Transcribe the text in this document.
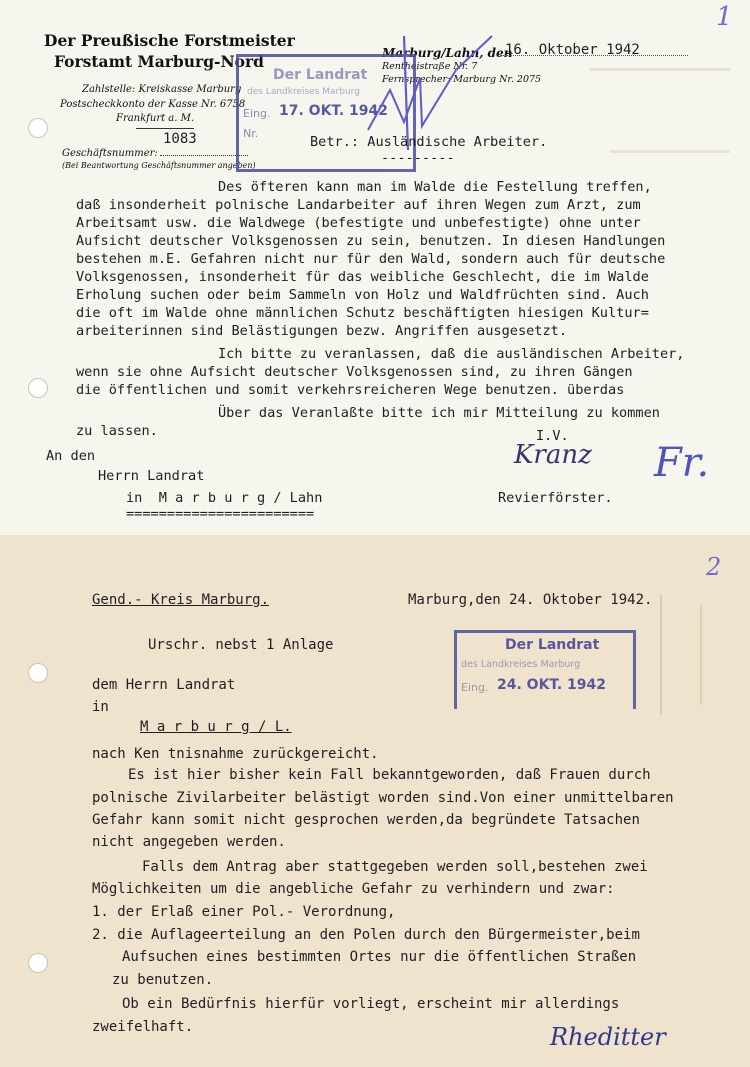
1
Der Preußische Forstmeister
Forstamt Marburg-Nord
Zahlstelle: Kreiskasse Marburg
Postscheckkonto der Kasse Nr. 6758
Frankfurt a. M.
1083
Geschäftsnummer:
(Bei Beantwortung Geschäftsnummer angeben)
Marburg/Lahn, den
16. Oktober 1942
Rentheistraße Nr. 7
Fernsprecher: Marburg Nr. 2075
Der Landrat
des Landkreises Marburg
Eing. 17. OKT. 1942
Nr.
Betr.: Ausländische Arbeiter.
---------
Des öfteren kann man im Walde die Festellung treffen,
daß insonderheit polnische Landarbeiter auf ihren Wegen zum Arzt, zum
Arbeitsamt usw. die Waldwege (befestigte und unbefestigte) ohne unter
Aufsicht deutscher Volksgenossen zu sein, benutzen. In diesen Handlungen
bestehen m.E. Gefahren nicht nur für den Wald, sondern auch für deutsche
Volksgenossen, insonderheit für das weibliche Geschlecht, die im Walde
Erholung suchen oder beim Sammeln von Holz und Waldfrüchten sind. Auch
die oft im Walde ohne männlichen Schutz beschäftigten hiesigen Kultur=
arbeiterinnen sind Belästigungen bezw. Angriffen ausgesetzt.
Ich bitte zu veranlassen, daß die ausländischen Arbeiter,
wenn sie ohne Aufsicht deutscher Volksgenossen sind, zu ihren Gängen
die öffentlichen und somit verkehrsreicheren Wege benutzen. überdas
Über das Veranlaßte bitte ich mir Mitteilung zu kommen
zu lassen.
An den
Herrn Landrat
in  M a r b u r g / Lahn
=======================
I.V.
Kranz
Revierförster.
Fr.
2
Gend.- Kreis Marburg.	Marburg,den 24. Oktober 1942.
Urschr. nebst 1 Anlage	Der Landrat
des Landkreises Marburg
Eing. 24. OKT. 1942
dem Herrn Landrat
in
M a r b u r g / L.
nach Ken tnisnahme zurückgereicht.
Es ist hier bisher kein Fall bekanntgeworden, daß Frauen durch
polnische Zivilarbeiter belästigt worden sind.Von einer unmittelbaren
Gefahr kann somit nicht gesprochen werden,da begründete Tatsachen
nicht angegeben werden.
Falls dem Antrag aber stattgegeben werden soll,bestehen zwei
Möglichkeiten um die angebliche Gefahr zu verhindern und zwar:
1. der Erlaß einer Pol.- Verordnung,
2. die Auflageerteilung an den Polen durch den Bürgermeister,beim
Aufsuchen eines bestimmten Ortes nur die öffentlichen Straßen
zu benutzen.
Ob ein Bedürfnis hierfür vorliegt, erscheint mir allerdings
zweifelhaft.	Rheditter
